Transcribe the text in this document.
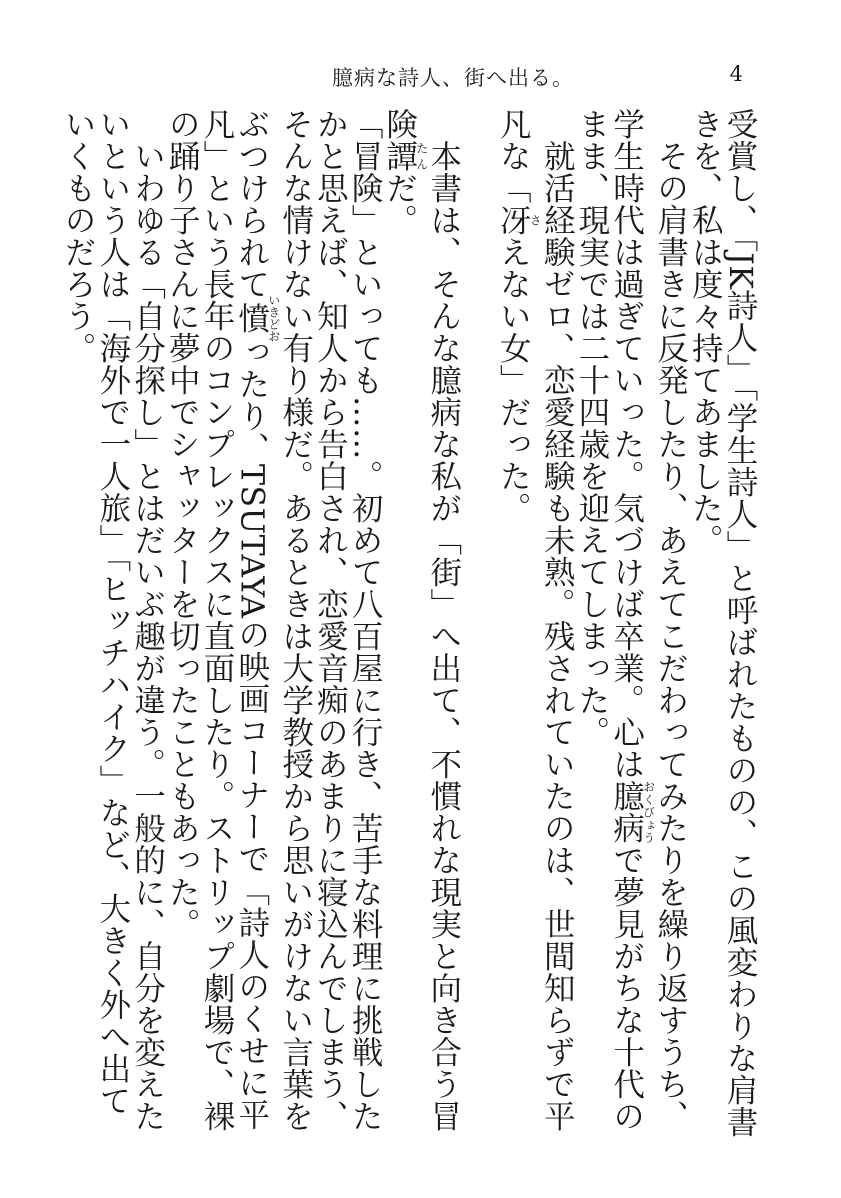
臆病な詩人、街へ出る。	4

受賞し、「JK詩人」「学生詩人」と呼ばれたものの、この風変わりな肩書きを、私は度々持てあました。

その肩書きに反発したり、あえてこだわってみたりを繰り返すうち、学生時代は過ぎていった。気づけば卒業。心は臆病おくびょうで夢見がちな十代のまま、現実では二十四歳を迎えてしまった。

就活経験ゼロ、恋愛経験も未熟。残されていたのは、世間知らずで平凡な「冴さえない女」だった。

本書は、そんな臆病な私が「街」へ出て、不慣れな現実と向き合う冒険譚たんだ。

「冒険」といっても……。初めて八百屋に行き、苦手な料理に挑戦したかと思えば、知人から告白され、恋愛音痴のあまりに寝込んでしまう、そんな情けない有り様だ。あるときは大学教授から思いがけない言葉をぶつけられて憤いきどおったり、TSUTAYAの映画コーナーで「詩人のくせに平凡」という長年のコンプレックスに直面したり。ストリップ劇場で、裸の踊り子さんに夢中でシャッターを切ったこともあった。

いわゆる「自分探し」とはだいぶ趣が違う。一般的に、自分を変えたいという人は「海外で一人旅」「ヒッチハイク」など、大きく外へ出ていくものだろう。
